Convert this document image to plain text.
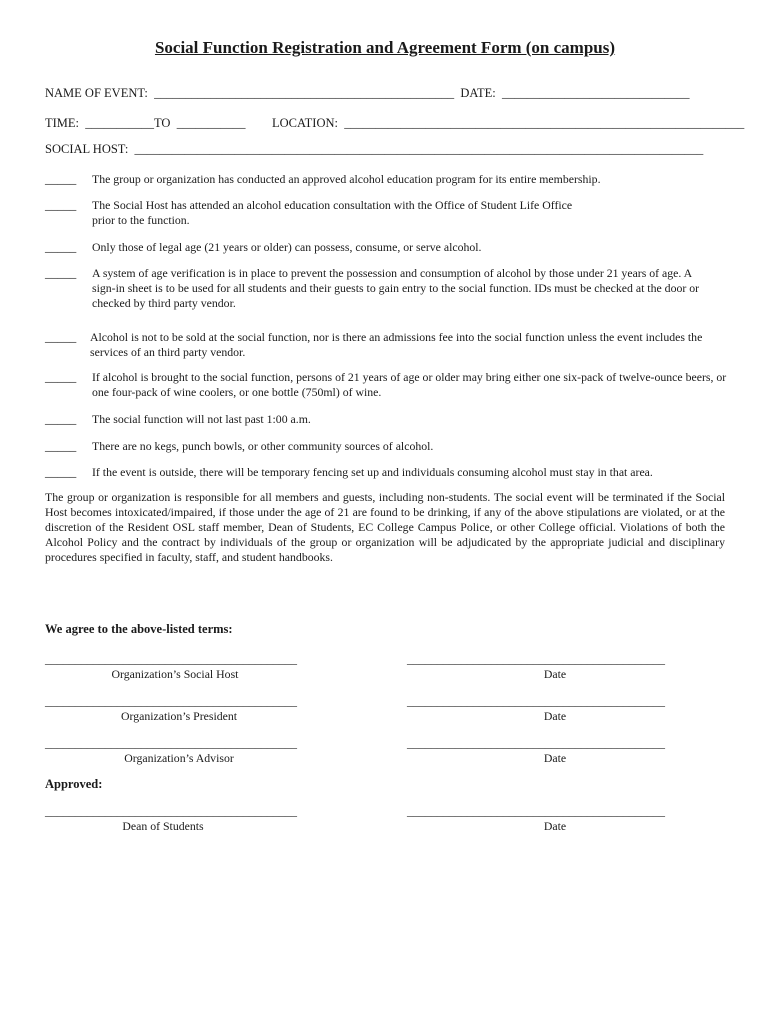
Social Function Registration and Agreement Form (on campus)
NAME OF EVENT:  ________________________________________________  DATE:  ______________________________
TIME:  ___________TO  ___________ LOCATION:  ________________________________________________________________
SOCIAL HOST:  ___________________________________________________________________________________________
_____ The group or organization has conducted an approved alcohol education program for its entire membership.
_____ The Social Host has attended an alcohol education consultation with the Office of Student Life Office prior to the function.
_____ Only those of legal age (21 years or older) can possess, consume, or serve alcohol.
_____ A system of age verification is in place to prevent the possession and consumption of alcohol by those under 21 years of age. A sign-in sheet is to be used for all students and their guests to gain entry to the social function. IDs must be checked at the door or checked by third party vendor.
_____ Alcohol is not to be sold at the social function, nor is there an admissions fee into the social function unless the event includes the services of an third party vendor.
_____ If alcohol is brought to the social function, persons of 21 years of age or older may bring either one six-pack of twelve-ounce beers, or one four-pack of wine coolers, or one bottle (750ml) of wine.
_____ The social function will not last past 1:00 a.m.
_____ There are no kegs, punch bowls, or other community sources of alcohol.
_____ If the event is outside, there will be temporary fencing set up and individuals consuming alcohol must stay in that area.
The group or organization is responsible for all members and guests, including non-students. The social event will be terminated if the Social Host becomes intoxicated/impaired, if those under the age of 21 are found to be drinking, if any of the above stipulations are violated, or at the discretion of the Resident OSL staff member, Dean of Students, EC College Campus Police, or other College official. Violations of both the Alcohol Policy and the contract by individuals of the group or organization will be adjudicated by the appropriate judicial and disciplinary procedures specified in faculty, staff, and student handbooks.
We agree to the above-listed terms:
__________________________________________
Organization’s Social Host
___________________________________________
Date
__________________________________________
Organization’s President
___________________________________________
Date
__________________________________________
Organization’s Advisor
___________________________________________
Date
Approved:
__________________________________________
Dean of Students
___________________________________________
Date
